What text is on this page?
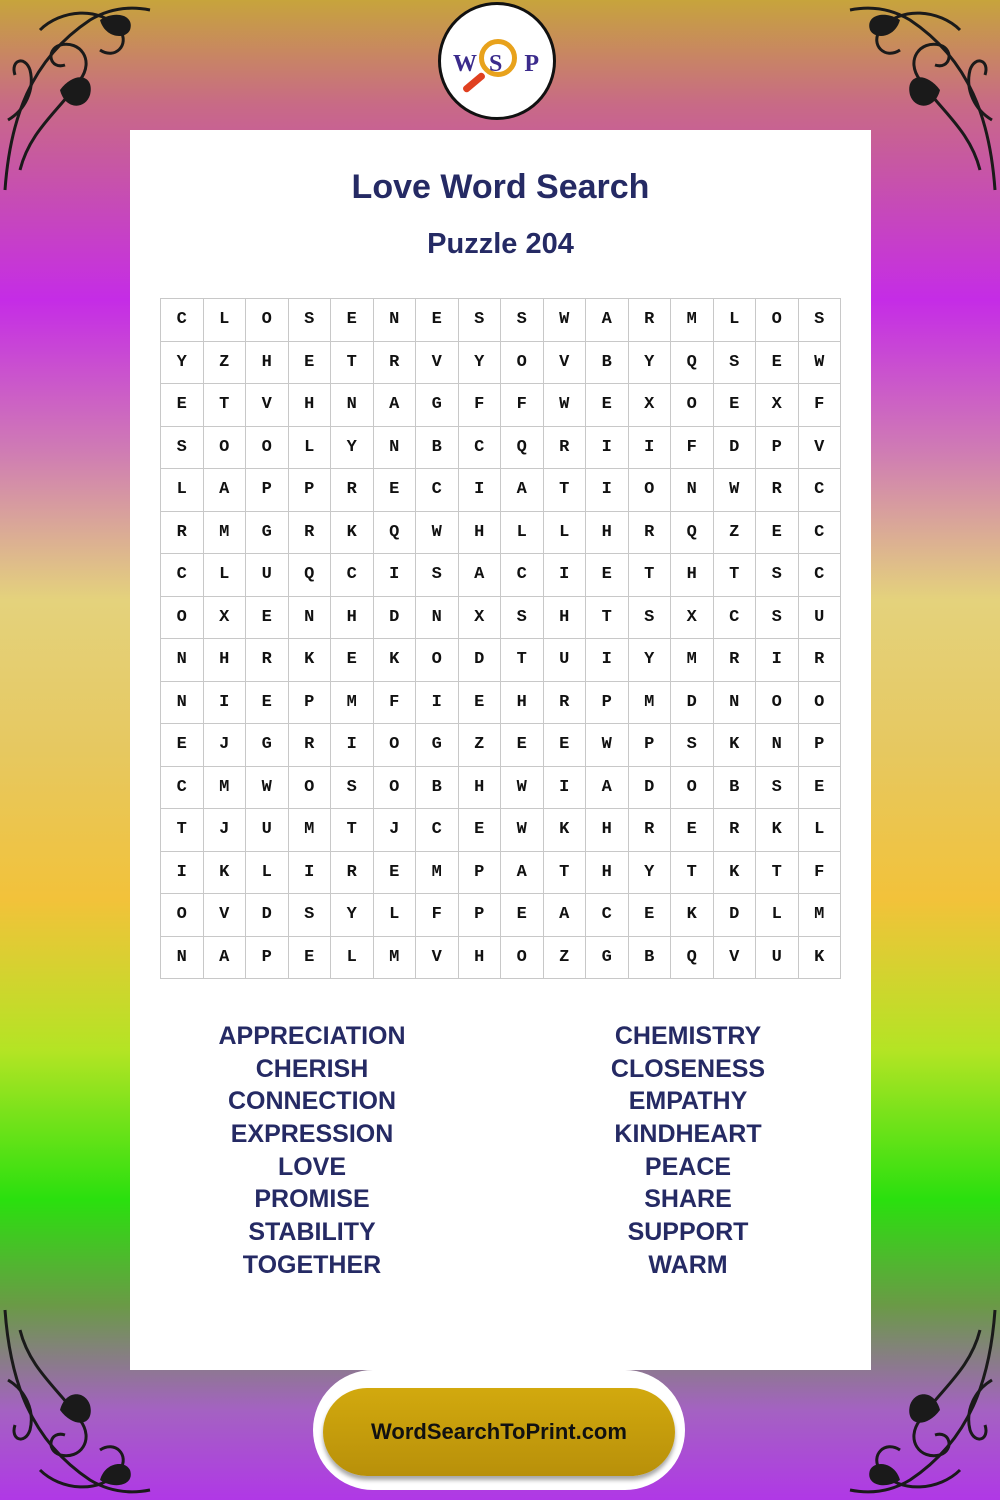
W S P
Love Word Search
Puzzle 204
C	L	O	S	E	N	E	S	S	W	A	R	M	L	O	S
Y	Z	H	E	T	R	V	Y	O	V	B	Y	Q	S	E	W
E	T	V	H	N	A	G	F	F	W	E	X	O	E	X	F
S	O	O	L	Y	N	B	C	Q	R	I	I	F	D	P	V
L	A	P	P	R	E	C	I	A	T	I	O	N	W	R	C
R	M	G	R	K	Q	W	H	L	L	H	R	Q	Z	E	C
C	L	U	Q	C	I	S	A	C	I	E	T	H	T	S	C
O	X	E	N	H	D	N	X	S	H	T	S	X	C	S	U
N	H	R	K	E	K	O	D	T	U	I	Y	M	R	I	R
N	I	E	P	M	F	I	E	H	R	P	M	D	N	O	O
E	J	G	R	I	O	G	Z	E	E	W	P	S	K	N	P
C	M	W	O	S	O	B	H	W	I	A	D	O	B	S	E
T	J	U	M	T	J	C	E	W	K	H	R	E	R	K	L
I	K	L	I	R	E	M	P	A	T	H	Y	T	K	T	F
O	V	D	S	Y	L	F	P	E	A	C	E	K	D	L	M
N	A	P	E	L	M	V	H	O	Z	G	B	Q	V	U	K
APPRECIATION
CHERISH
CONNECTION
EXPRESSION
LOVE
PROMISE
STABILITY
TOGETHER
CHEMISTRY
CLOSENESS
EMPATHY
KINDHEART
PEACE
SHARE
SUPPORT
WARM
WordSearchToPrint.com
